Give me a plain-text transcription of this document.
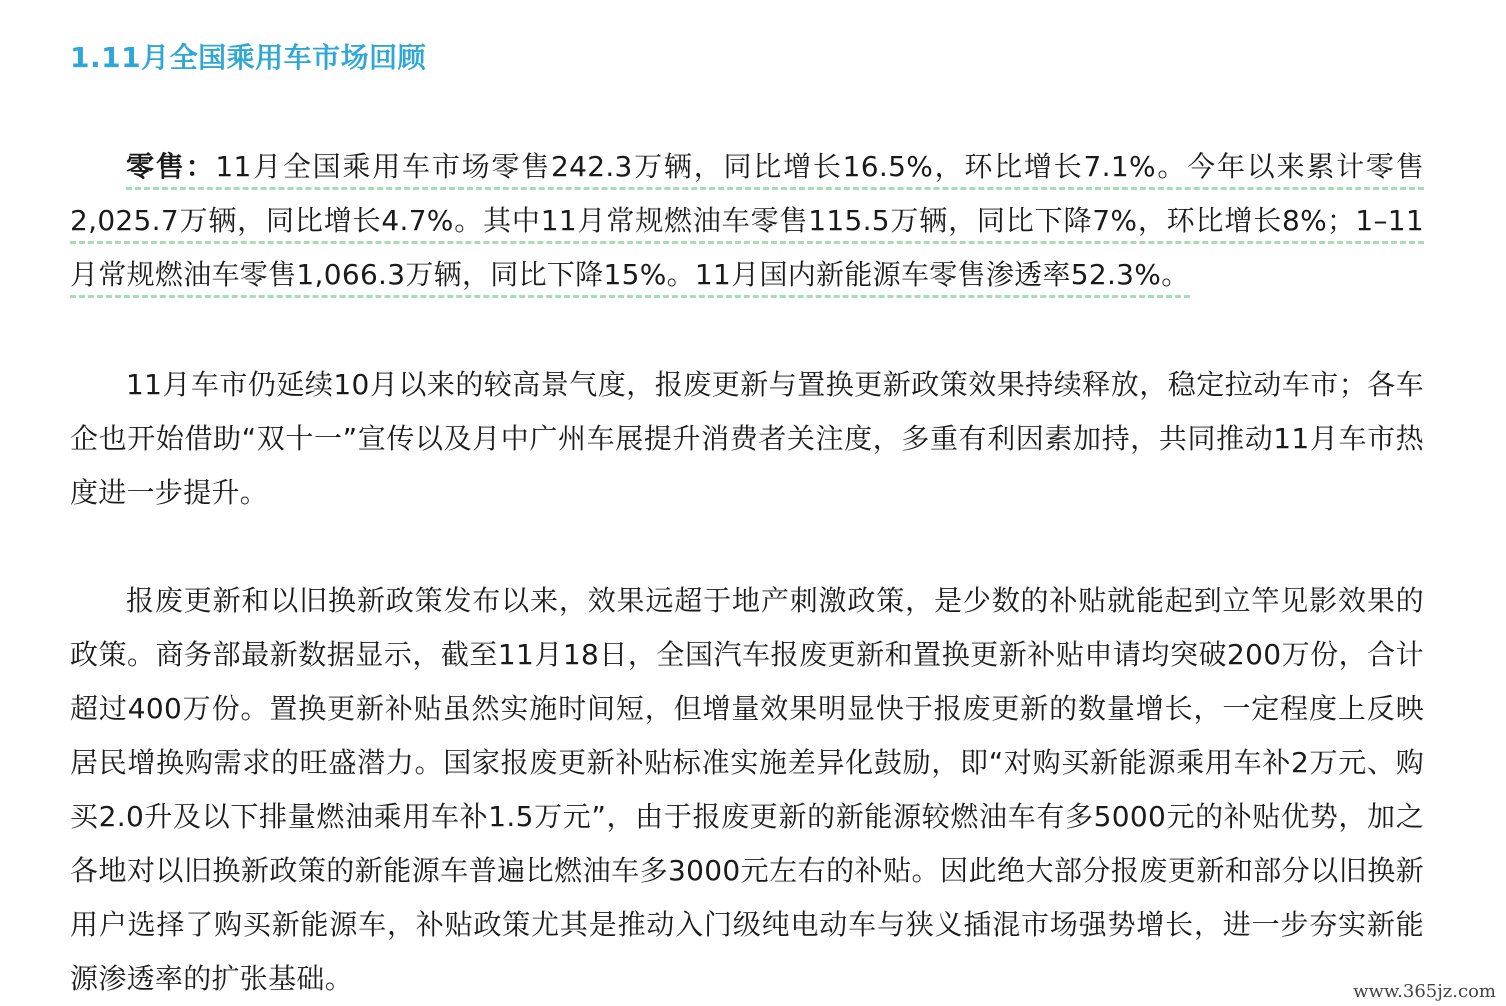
1.11月全国乘用车市场回顾

零售：11月全国乘用车市场零售242.3万辆，同比增长16.5%，环比增长7.1%。今年以来累计零售2,025.7万辆，同比增长4.7%。其中11月常规燃油车零售115.5万辆，同比下降7%，环比增长8%；1–11月常规燃油车零售1,066.3万辆，同比下降15%。11月国内新能源车零售渗透率52.3%。

11月车市仍延续10月以来的较高景气度，报废更新与置换更新政策效果持续释放，稳定拉动车市；各车企也开始借助“双十一”宣传以及月中广州车展提升消费者关注度，多重有利因素加持，共同推动11月车市热度进一步提升。

报废更新和以旧换新政策发布以来，效果远超于地产刺激政策，是少数的补贴就能起到立竿见影效果的政策。商务部最新数据显示，截至11月18日，全国汽车报废更新和置换更新补贴申请均突破200万份，合计超过400万份。置换更新补贴虽然实施时间短，但增量效果明显快于报废更新的数量增长，一定程度上反映居民增换购需求的旺盛潜力。国家报废更新补贴标准实施差异化鼓励，即“对购买新能源乘用车补2万元、购买2.0升及以下排量燃油乘用车补1.5万元”，由于报废更新的新能源较燃油车有多5000元的补贴优势，加之各地对以旧换新政策的新能源车普遍比燃油车多3000元左右的补贴。因此绝大部分报废更新和部分以旧换新用户选择了购买新能源车，补贴政策尤其是推动入门级纯电动车与狭义插混市场强势增长，进一步夯实新能源渗透率的扩张基础。	www.365jz.com
